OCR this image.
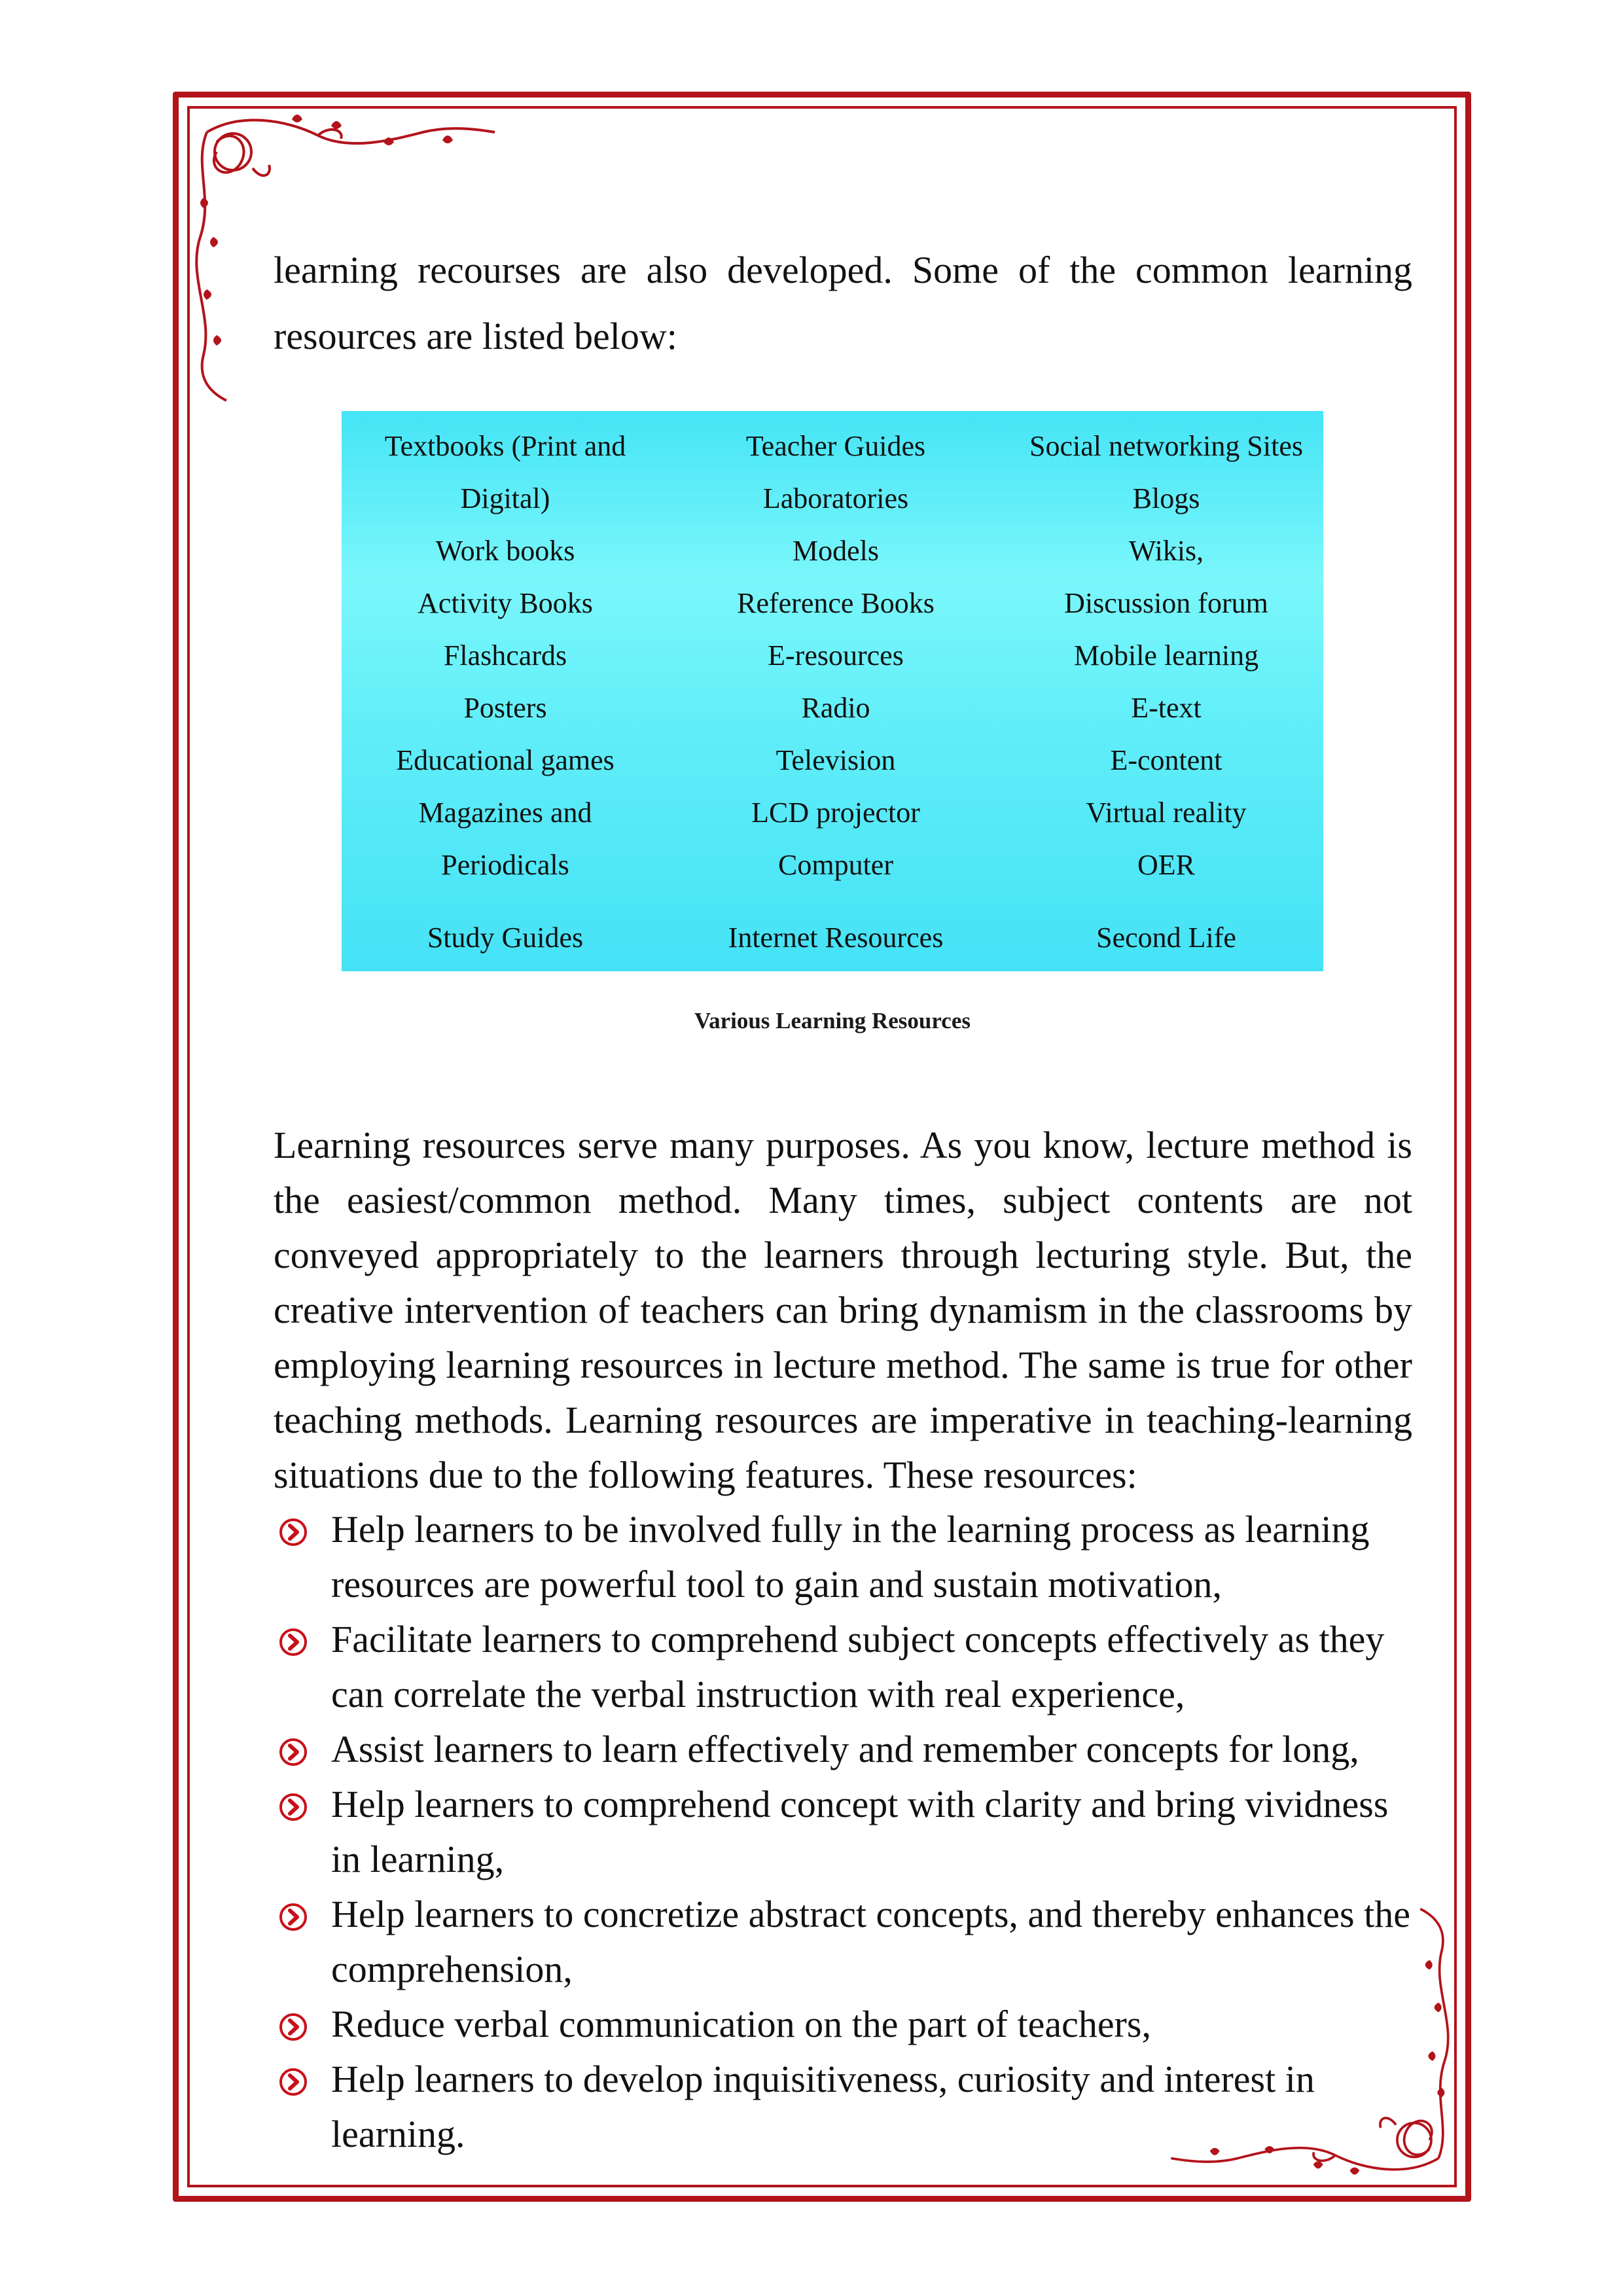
learning recourses are also developed. Some of the common learning resources are listed below:

Textbooks (Print and
Digital)
Work books
Activity Books
Flashcards
Posters
Educational games
Magazines and
Periodicals
Study Guides
Teacher Guides
Laboratories
Models
Reference Books
E-resources
Radio
Television
LCD projector
Computer
Internet Resources
Social networking Sites
Blogs
Wikis,
Discussion forum
Mobile learning
E-text
E-content
Virtual reality
OER
Second Life
Various Learning Resources

Learning resources serve many purposes. As you know, lecture method is the easiest/common method. Many times, subject contents are not conveyed appropriately to the learners through lecturing style. But, the creative intervention of teachers can bring dynamism in the classrooms by employing learning resources in lecture method. The same is true for other teaching methods. Learning resources are imperative in teaching-learning situations due to the following features. These resources:

Help learners to be involved fully in the learning process as learning resources are powerful tool to gain and sustain motivation,
Facilitate learners to comprehend subject concepts effectively as they can correlate the verbal instruction with real experience,
Assist learners to learn effectively and remember concepts for long,
Help learners to comprehend concept with clarity and bring vividness in learning,
Help learners to concretize abstract concepts, and thereby enhances the comprehension,
Reduce verbal communication on the part of teachers,
Help learners to develop inquisitiveness, curiosity and interest in learning.
